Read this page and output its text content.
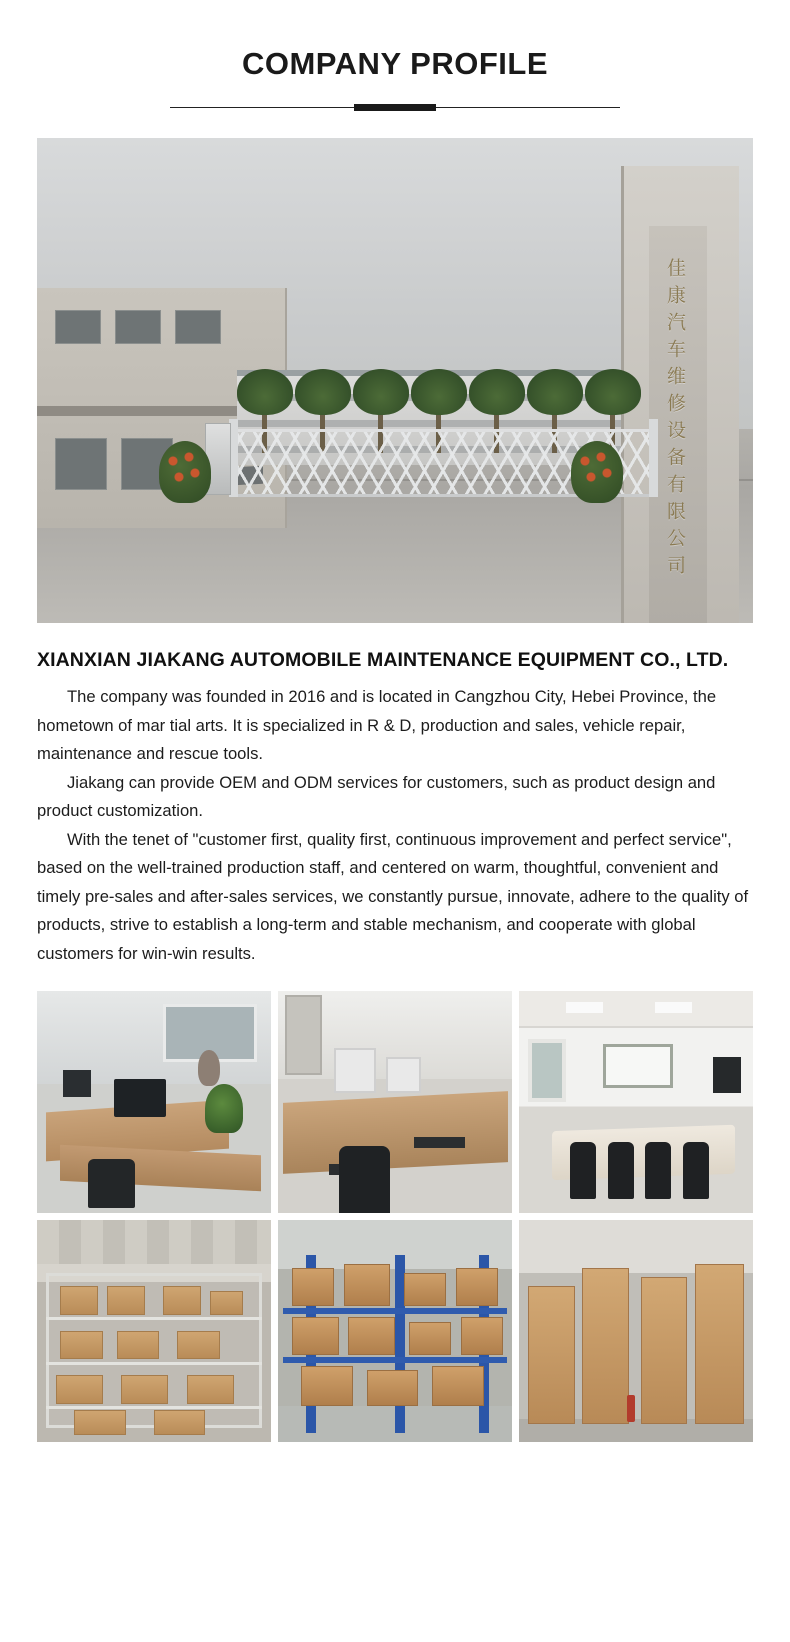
COMPANY PROFILE
佳康汽车维修设备有限公司
XIANXIAN JIAKANG AUTOMOBILE MAINTENANCE EQUIPMENT CO., LTD.

The company was founded in 2016 and is located in Cangzhou City, Hebei Province, the hometown of mar tial arts. It is specialized in R & D, production and sales, vehicle repair, maintenance and rescue tools.

Jiakang can provide OEM and ODM services for customers, such as product design and product customization.

With the tenet of "customer first, quality first, continuous improvement and perfect service", based on the well-trained production staff, and centered on warm, thoughtful, convenient and timely pre-sales and after-sales services, we constantly pursue, innovate, adhere to the quality of products, strive to establish a long-term and stable mechanism, and cooperate with global customers for win-win results.
